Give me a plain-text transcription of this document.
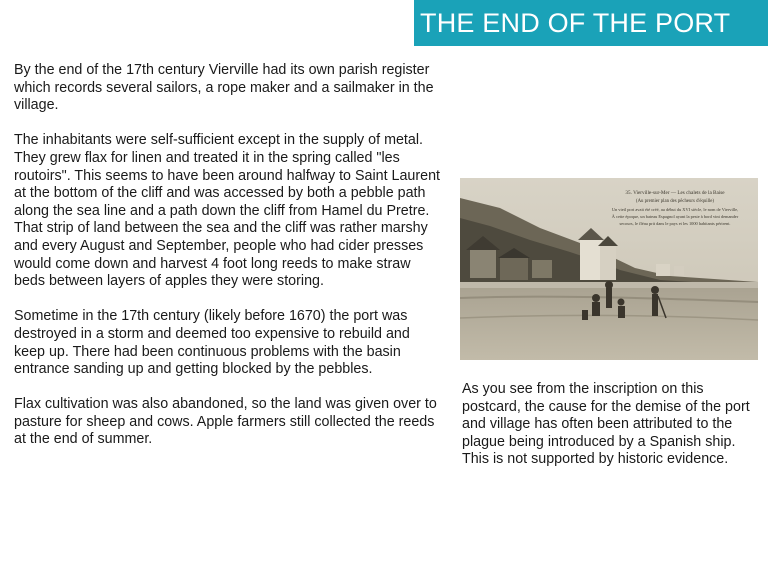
THE END OF THE PORT

By the end of the 17th century Vierville had its own parish register which records several sailors, a rope maker and a sailmaker in the village.

The inhabitants were self-sufficient except in the supply of metal.
They grew flax for linen and treated it in the spring called "les routoirs". This seems to have been around halfway to Saint Laurent at the bottom of the cliff and was accessed by both a pebble path along the sea line and a path down the cliff from Hamel du Pretre.
That strip of land between the sea and the cliff was rather marshy and every August and September, people who had cider presses would come down and harvest 4 foot long reeds to make straw beds between layers of apples they were storing.

Sometime in the 17th century (likely before 1670) the port was destroyed in a storm and deemed too expensive to rebuild and keep up. There had been continuous problems with the basin entrance sanding up and getting blocked by the pebbles.

Flax cultivation was also abandoned, so the land was given over to pasture for sheep and cows. Apple farmers still collected the reeds at the end of summer.

35. Vierville-sur-Mer — Les chalets de la Baise
(Au premier plan des pêcheurs d'équille)
Un vieil port avait été créé, au début du XVI siècle, le nom de Vierville,
À cette époque, un bateau Espagnol ayant la peste à bord vint demander
secours, le fléau prit dans le pays et les 1000 habitants périrent.

As you see from the inscription on this postcard, the cause for the demise of the port and village has often been attributed to the plague being introduced by a Spanish ship. This is not supported by historic evidence.
